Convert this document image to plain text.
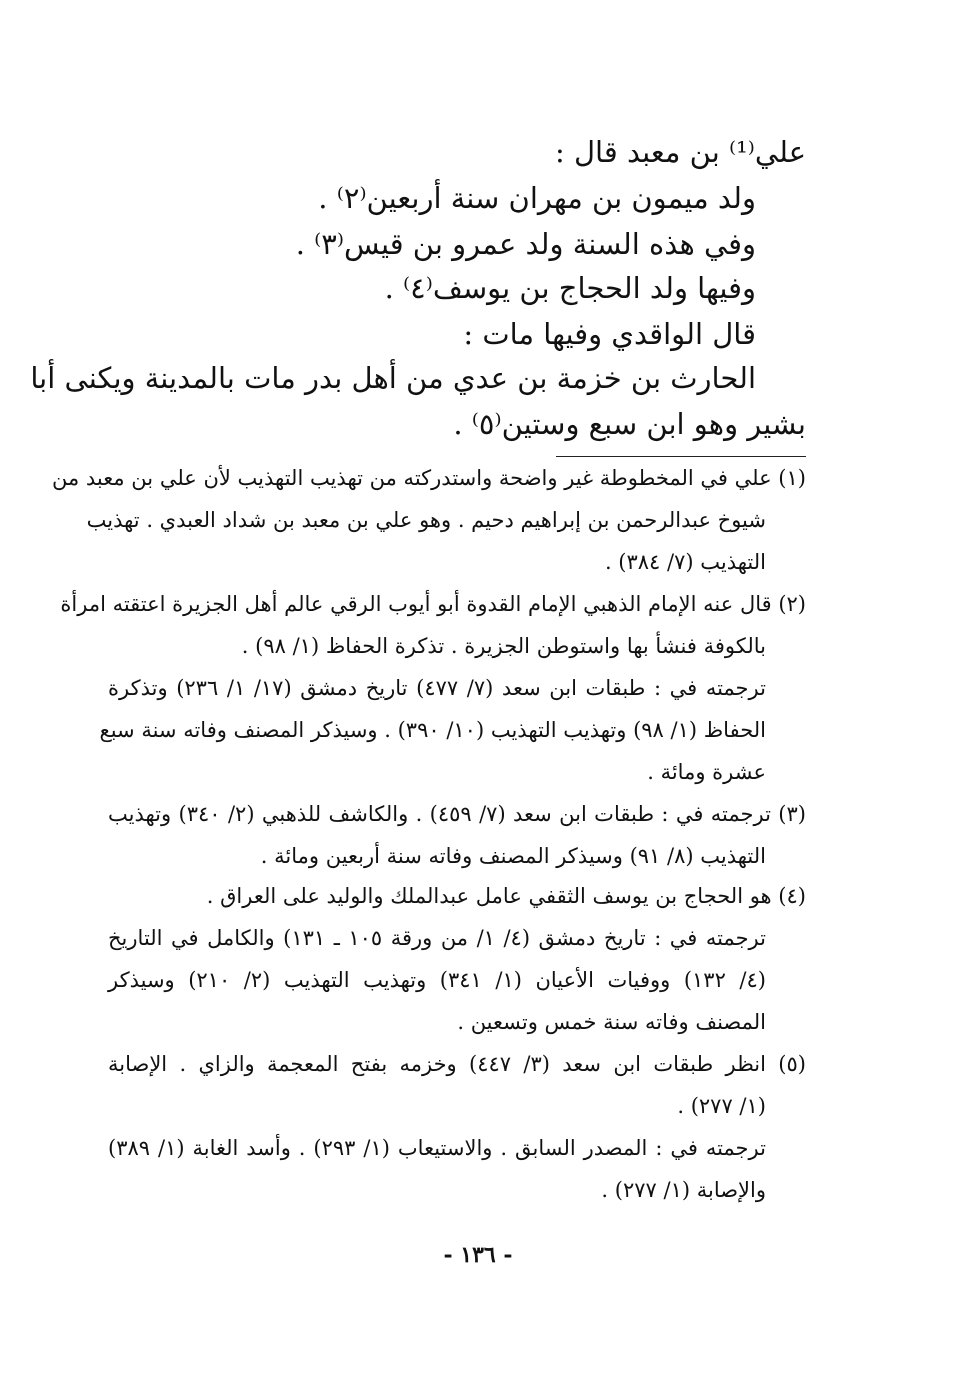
علي⁽¹⁾ بن معبد قال :
ولد ميمون بن مهران سنة أربعين⁽٢⁾ .
وفي هذه السنة ولد عمرو بن قيس⁽٣⁾ .
وفيها ولد الحجاج بن يوسف⁽٤⁾ .
قال الواقدي وفيها مات :
الحارث بن خزمة بن عدي من أهل بدر مات بالمدينة ويكنى أبا
بشير وهو ابن سبع وستين⁽٥⁾ .
(١) علي في المخطوطة غير واضحة واستدركته من تهذيب التهذيب لأن علي بن معبد من
شيوخ عبدالرحمن بن إبراهيم دحيم . وهو علي بن معبد بن شداد العبدي . تهذيب
التهذيب (٧/ ٣٨٤) .
(٢) قال عنه الإمام الذهبي الإمام القدوة أبو أيوب الرقي عالم أهل الجزيرة اعتقته امرأة
بالكوفة فنشأ بها واستوطن الجزيرة . تذكرة الحفاظ (١/ ٩٨) .
ترجمته في : طبقات ابن سعد (٧/ ٤٧٧) تاريخ دمشق (١٧/ ١/ ٢٣٦) وتذكرة
الحفاظ (١/ ٩٨) وتهذيب التهذيب (١٠/ ٣٩٠) . وسيذكر المصنف وفاته سنة سبع
عشرة ومائة .
(٣) ترجمته في : طبقات ابن سعد (٧/ ٤٥٩) . والكاشف للذهبي (٢/ ٣٤٠) وتهذيب
التهذيب (٨/ ٩١) وسيذكر المصنف وفاته سنة أربعين ومائة .
(٤) هو الحجاج بن يوسف الثقفي عامل عبدالملك والوليد على العراق .
ترجمته في : تاريخ دمشق (٤/ ١/ من ورقة ١٠٥ ـ ١٣١) والكامل في التاريخ
(٤/ ١٣٢) ووفيات الأعيان (١/ ٣٤١) وتهذيب التهذيب (٢/ ٢١٠) وسيذكر
المصنف وفاته سنة خمس وتسعين .
(٥) انظر طبقات ابن سعد (٣/ ٤٤٧) وخزمه بفتح المعجمة والزاي . الإصابة
(١/ ٢٧٧) .
ترجمته في : المصدر السابق . والاستيعاب (١/ ٢٩٣) . وأسد الغابة (١/ ٣٨٩)
والإصابة (١/ ٢٧٧) .
- ١٣٦ -
